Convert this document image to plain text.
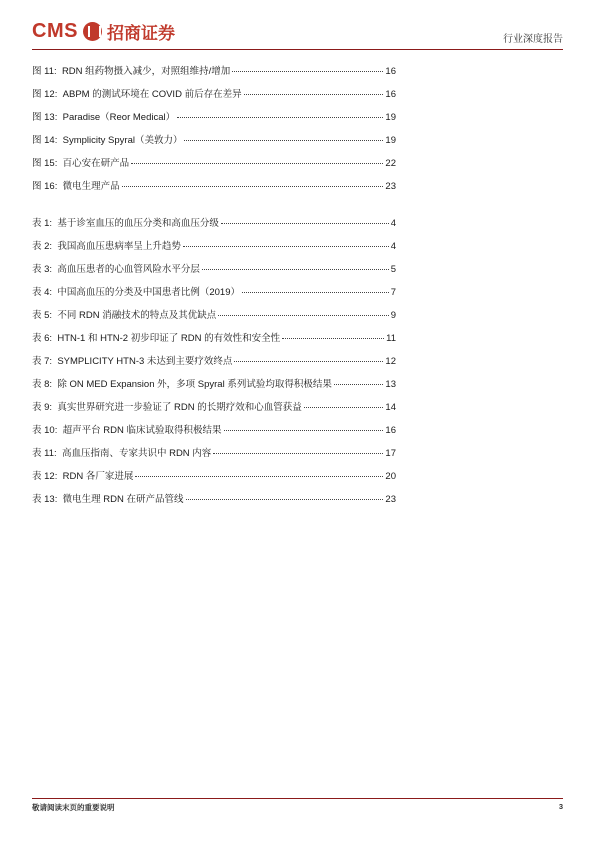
CMS 招商证券	行业深度报告
图 11:
RDN 组药物摄入减少，对照组维持/增加	16
图 12:
ABPM 的测试环境在 COVID 前后存在差异	16
图 13:
Paradise（Reor Medical）	19
图 14:
Symplicity Spyral（美敦力）	19
图 15:
百心安在研产品	22
图 16:
微电生理产品	23
表 1:
基于诊室血压的血压分类和高血压分级	4
表 2:
我国高血压患病率呈上升趋势	4
表 3:
高血压患者的心血管风险水平分层	5
表 4:
中国高血压的分类及中国患者比例（2019）	7
表 5:
不同 RDN 消融技术的特点及其优缺点	9
表 6:
HTN-1 和 HTN-2 初步印证了 RDN 的有效性和安全性	11
表 7:
SYMPLICITY HTN-3 未达到主要疗效终点	12
表 8:
除 ON MED Expansion 外，多项 Spyral 系列试验均取得积极结果	13
表 9:
真实世界研究进一步验证了 RDN 的长期疗效和心血管获益	14
表 10:
超声平台 RDN 临床试验取得积极结果	16
表 11:
高血压指南、专家共识中 RDN 内容	17
表 12:
RDN 各厂家进展	20
表 13:
微电生理 RDN 在研产品管线	23
敬请阅读末页的重要说明	3
